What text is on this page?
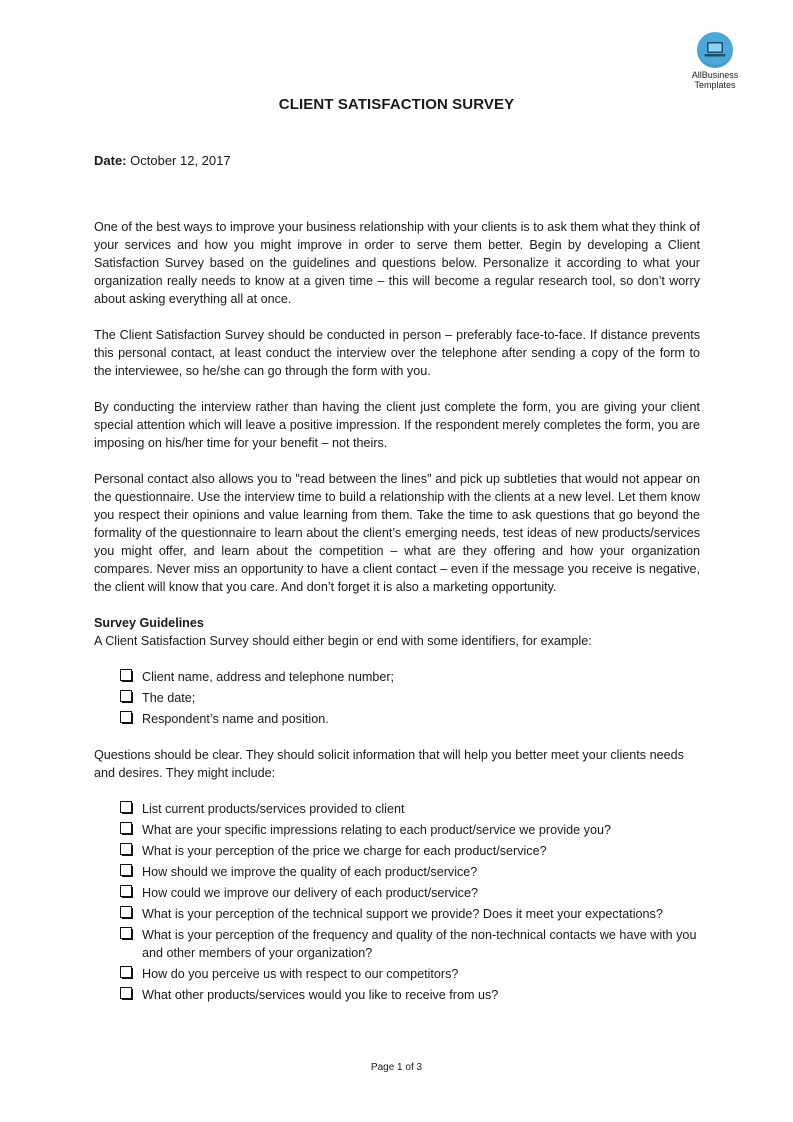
AllBusiness
Templates
CLIENT SATISFACTION SURVEY
Date: October 12, 2017

One of the best ways to improve your business relationship with your clients is to ask them what they think of your services and how you might improve in order to serve them better. Begin by developing a Client Satisfaction Survey based on the guidelines and questions below. Personalize it according to what your organization really needs to know at a given time – this will become a regular research tool, so don’t worry about asking everything all at once.

The Client Satisfaction Survey should be conducted in person – preferably face-to-face. If distance prevents this personal contact, at least conduct the interview over the telephone after sending a copy of the form to the interviewee, so he/she can go through the form with you.

By conducting the interview rather than having the client just complete the form, you are giving your client special attention which will leave a positive impression. If the respondent merely completes the form, you are imposing on his/her time for your benefit – not theirs.

Personal contact also allows you to "read between the lines" and pick up subtleties that would not appear on the questionnaire. Use the interview time to build a relationship with the clients at a new level. Let them know you respect their opinions and value learning from them. Take the time to ask questions that go beyond the formality of the questionnaire to learn about the client’s emerging needs, test ideas of new products/services you might offer, and learn about the competition – what are they offering and how your organization compares. Never miss an opportunity to have a client contact – even if the message you receive is negative, the client will know that you care. And don’t forget it is also a marketing opportunity.

Survey Guidelines

A Client Satisfaction Survey should either begin or end with some identifiers, for example:

Client name, address and telephone number;
The date;
Respondent’s name and position.

Questions should be clear. They should solicit information that will help you better meet your clients needs and desires. They might include:

List current products/services provided to client
What are your specific impressions relating to each product/service we provide you?
What is your perception of the price we charge for each product/service?
How should we improve the quality of each product/service?
How could we improve our delivery of each product/service?
What is your perception of the technical support we provide? Does it meet your expectations?
What is your perception of the frequency and quality of the non-technical contacts we have with you and other members of your organization?
How do you perceive us with respect to our competitors?
What other products/services would you like to receive from us?
Page 1 of 3
